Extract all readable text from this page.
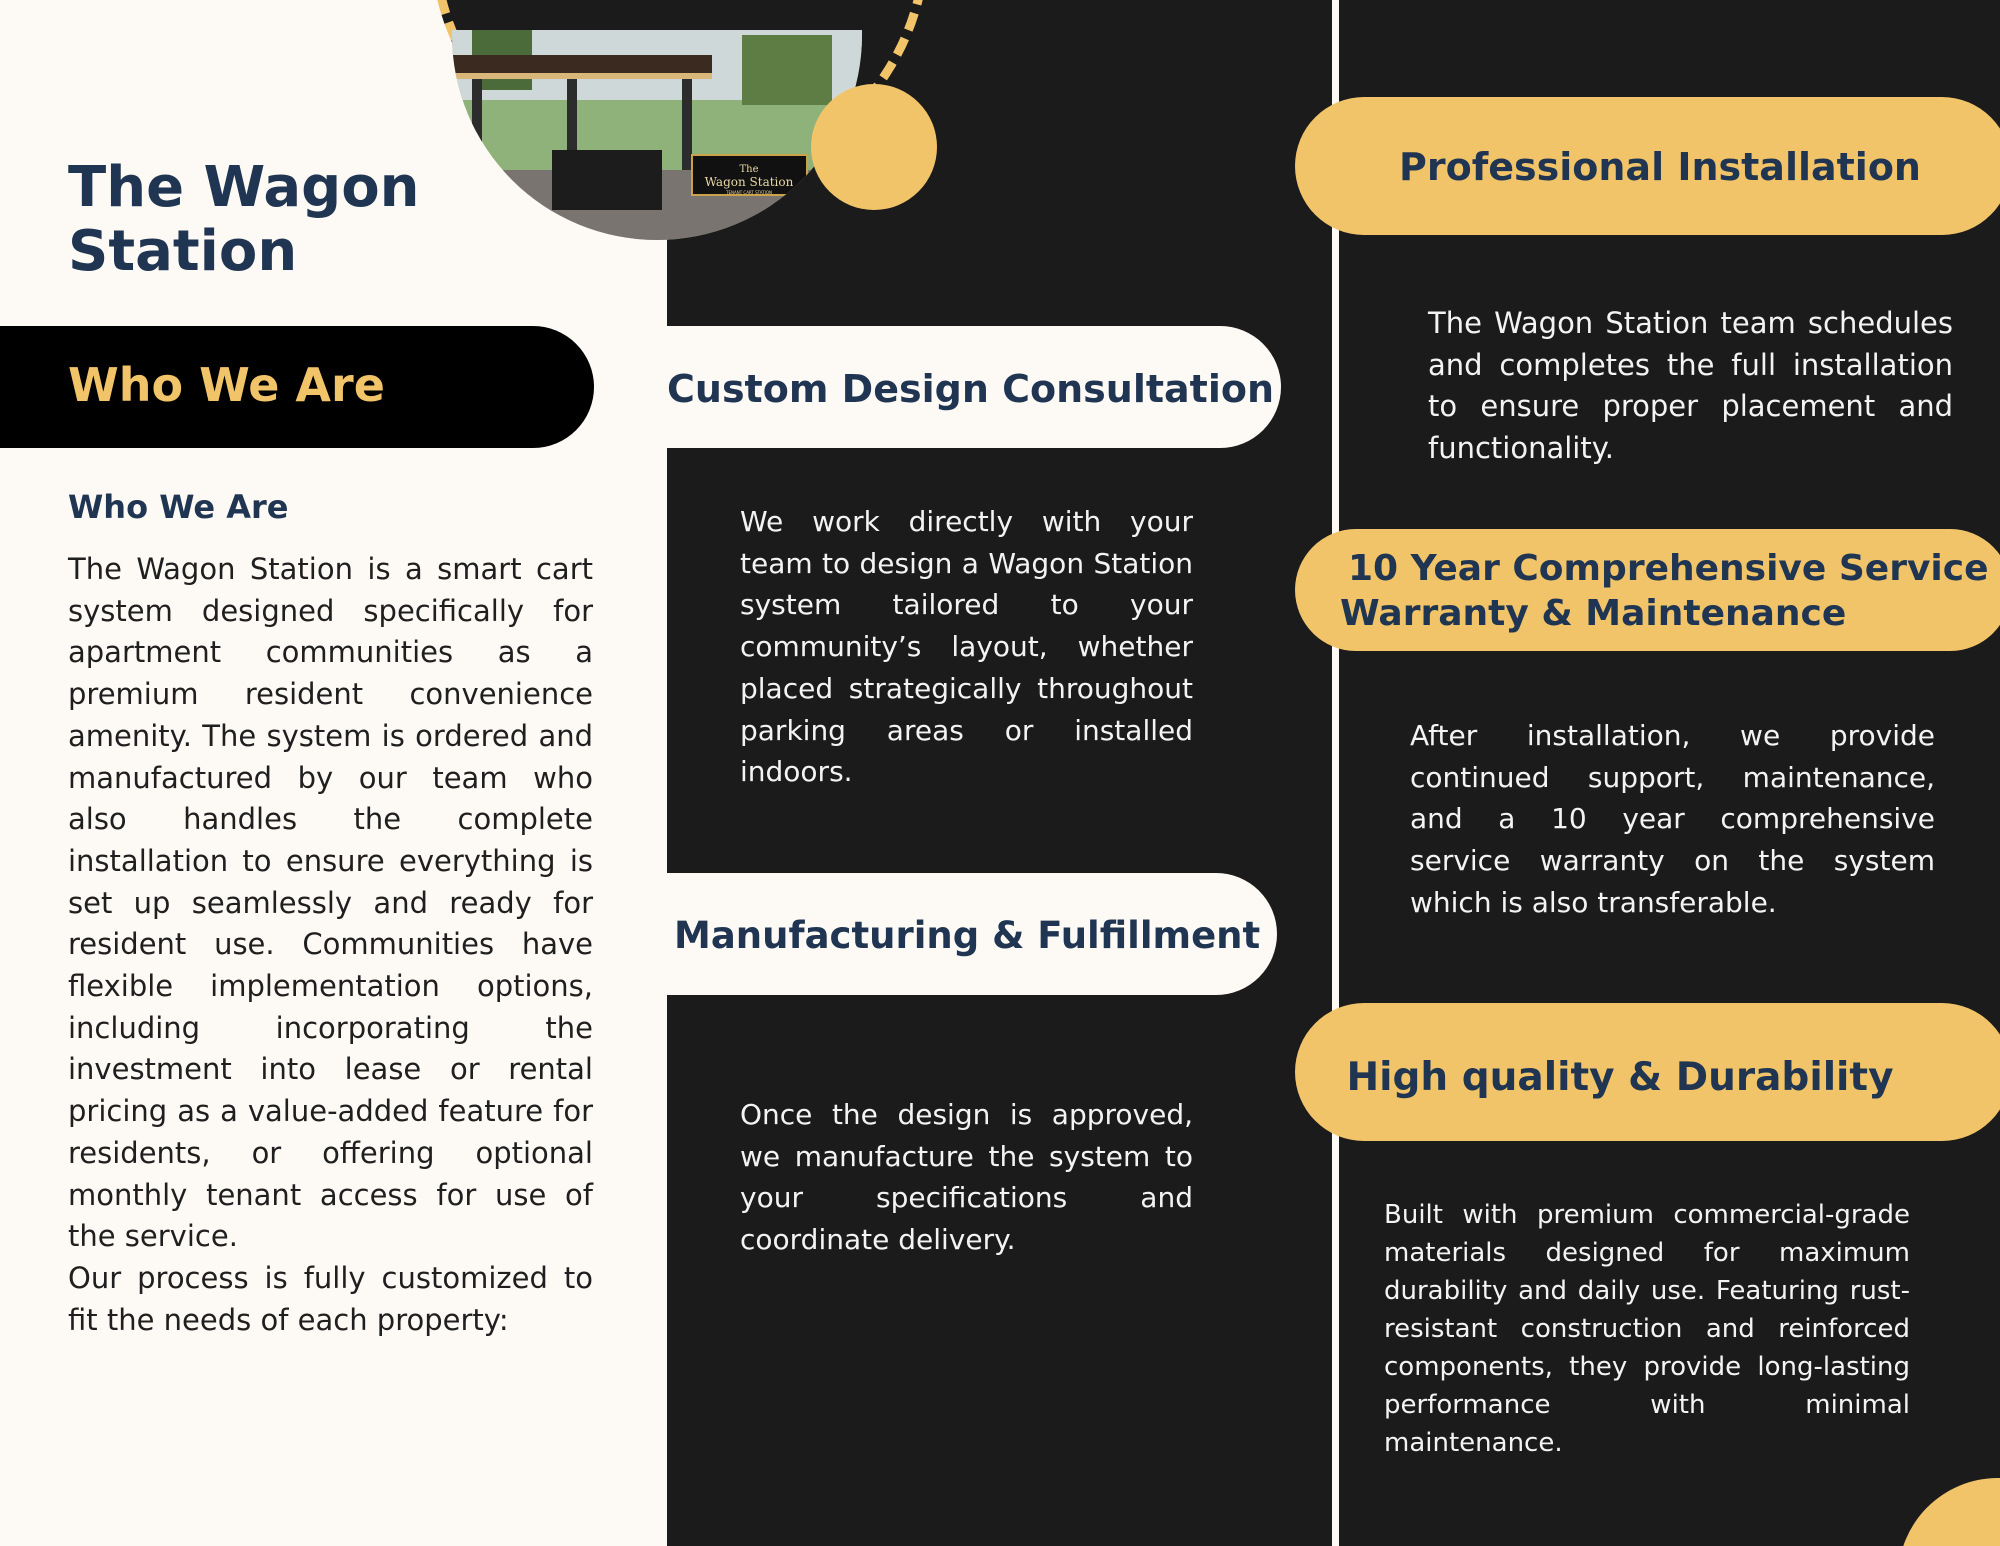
The
Wagon Station
TENANT CART STATION
The Wagon Station
Who We Are
Who We Are
The Wagon Station is a smart cart system designed specifically for apartment communities as a premium resident convenience amenity. The system is ordered and manufactured by our team who also handles the complete installation to ensure everything is set up seamlessly and ready for resident use. Communities have flexible implementation options, including incorporating the investment into lease or rental pricing as a value-added feature for residents, or offering optional monthly tenant access for use of the service.
Our process is fully customized to fit the needs of each property:
Custom Design Consultation
We work directly with your team to design a Wagon Station system tailored to your community’s layout, whether placed strategically throughout parking areas or installed indoors.
Manufacturing & Fulfillment
Once the design is approved, we manufacture the system to your specifications and coordinate delivery.
Professional Installation
The Wagon Station team schedules and completes the full installation to ensure proper placement and functionality.
10 Year Comprehensive Service
Warranty & Maintenance
After installation, we provide continued support, maintenance, and a 10 year comprehensive service warranty on the system which is also transferable.
High quality & Durability
Built with premium commercial-grade materials designed for maximum durability and daily use. Featuring rust-resistant construction and reinforced components, they provide long-lasting performance with minimal maintenance.
